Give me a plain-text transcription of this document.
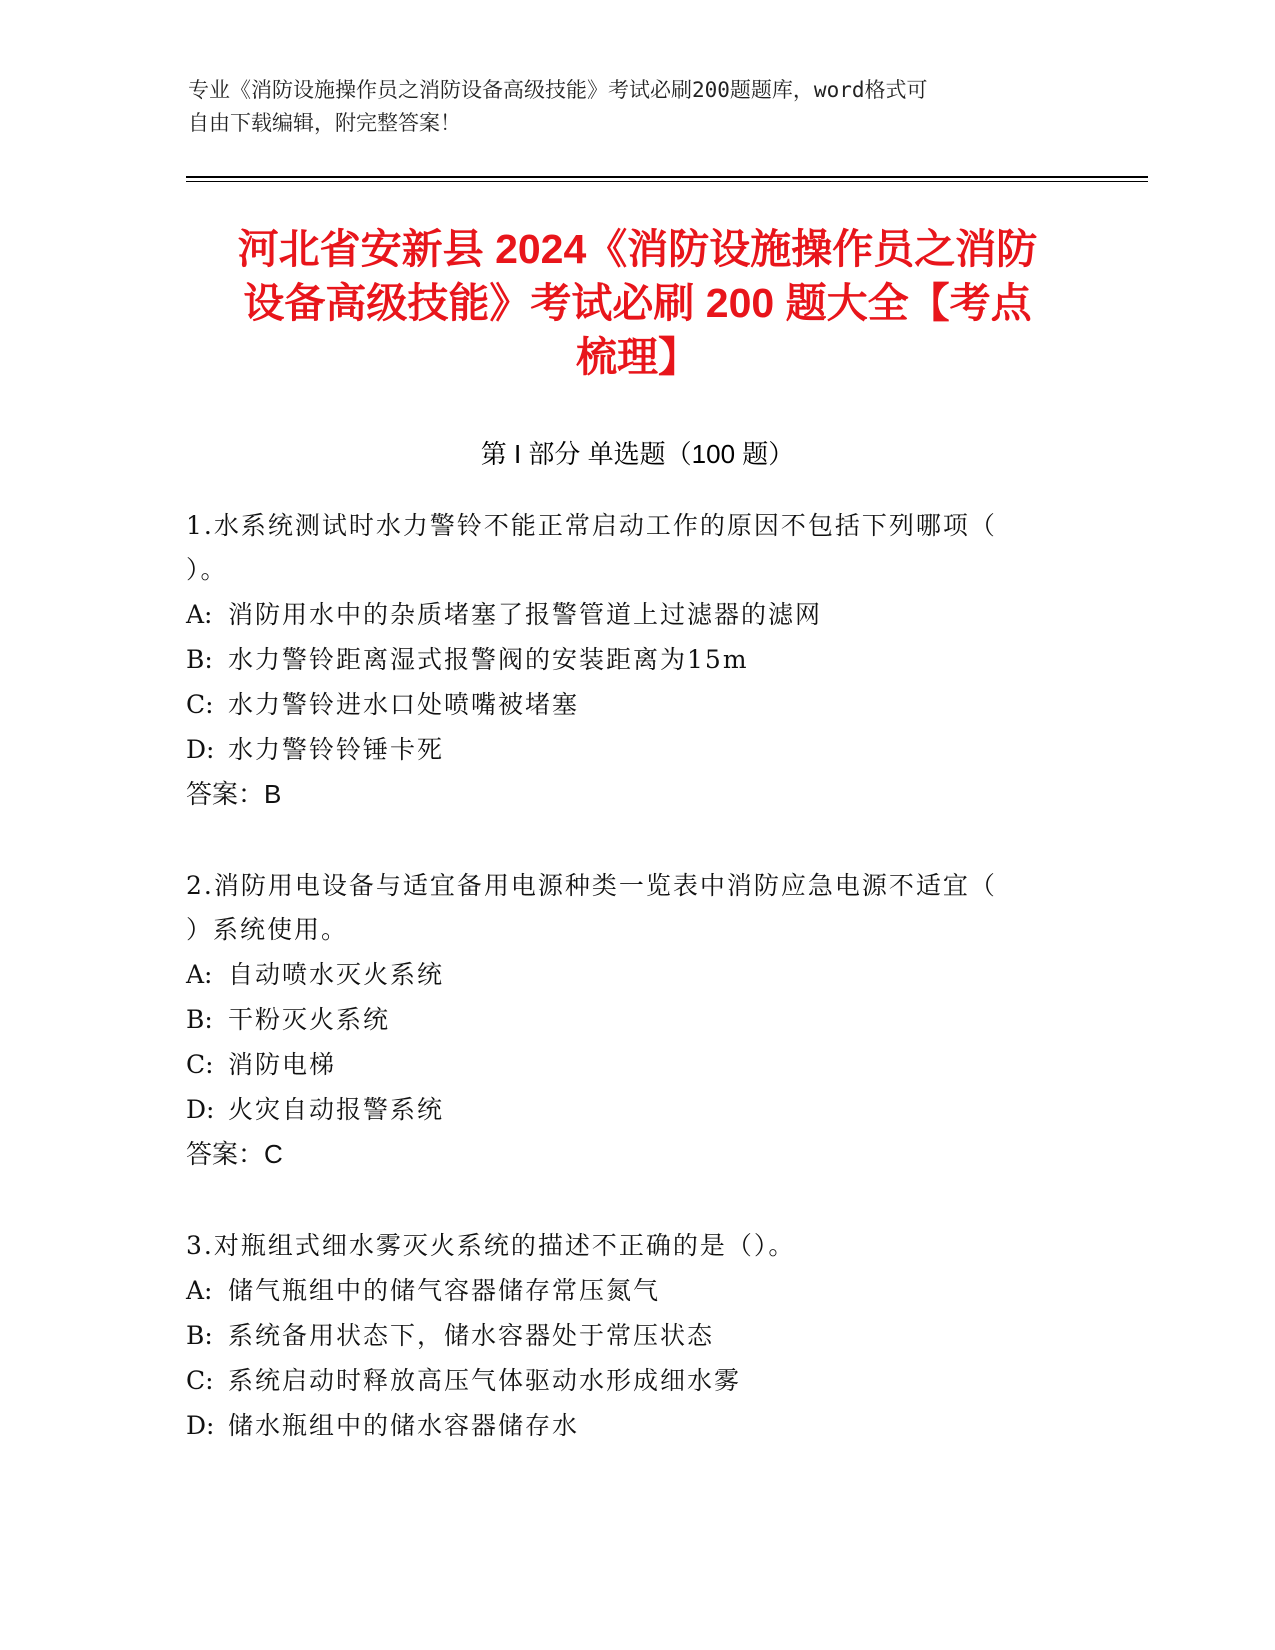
专业《消防设施操作员之消防设备高级技能》考试必刷200题题库，word格式可
自由下载编辑，附完整答案！
河北省安新县 2024《消防设施操作员之消防
设备高级技能》考试必刷 200 题大全【考点
梳理】
第 I 部分 单选题（100 题）
1.水系统测试时水力警铃不能正常启动工作的原因不包括下列哪项（
）。
A: 消防用水中的杂质堵塞了报警管道上过滤器的滤网
B: 水力警铃距离湿式报警阀的安装距离为15m
C: 水力警铃进水口处喷嘴被堵塞
D: 水力警铃铃锤卡死
答案：B
2.消防用电设备与适宜备用电源种类一览表中消防应急电源不适宜（
）系统使用。
A: 自动喷水灭火系统
B: 干粉灭火系统
C: 消防电梯
D: 火灾自动报警系统
答案：C
3.对瓶组式细水雾灭火系统的描述不正确的是（）。
A: 储气瓶组中的储气容器储存常压氮气
B: 系统备用状态下，储水容器处于常压状态
C: 系统启动时释放高压气体驱动水形成细水雾
D: 储水瓶组中的储水容器储存水
